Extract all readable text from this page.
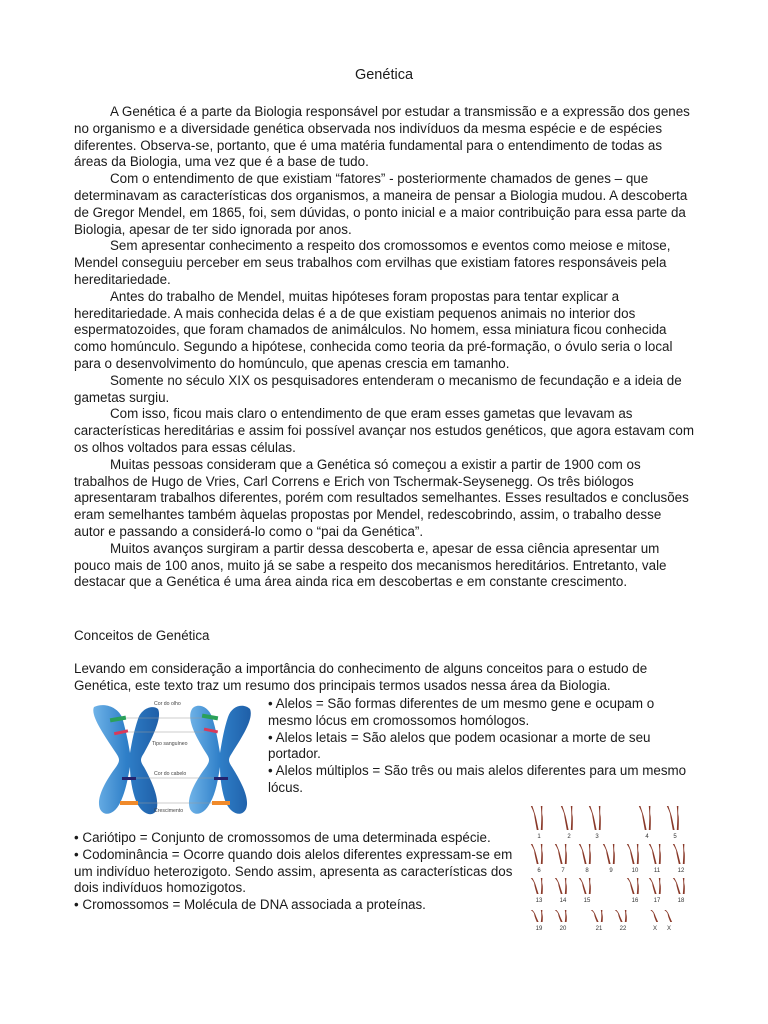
Genética

A Genética é a parte da Biologia responsável por estudar a transmissão e a expressão dos genes no organismo e a diversidade genética observada nos indivíduos da mesma espécie e de espécies diferentes. Observa-se, portanto, que é uma matéria fundamental para o entendimento de todas as áreas da Biologia, uma vez que é a base de tudo.

Com o entendimento de que existiam “fatores” - posteriormente chamados de genes – que determinavam as características dos organismos, a maneira de pensar a Biologia mudou. A descoberta de Gregor Mendel, em 1865, foi, sem dúvidas, o ponto inicial e a maior contribuição para essa parte da Biologia, apesar de ter sido ignorada por anos.

Sem apresentar conhecimento a respeito dos cromossomos e eventos como meiose e mitose, Mendel conseguiu perceber em seus trabalhos com ervilhas que existiam fatores responsáveis pela hereditariedade.

Antes do trabalho de Mendel, muitas hipóteses foram propostas para tentar explicar a hereditariedade. A mais conhecida delas é a de que existiam pequenos animais no interior dos espermatozoides, que foram chamados de animálculos. No homem, essa miniatura ficou conhecida como homúnculo. Segundo a hipótese, conhecida como teoria da pré-formação, o óvulo seria o local para o desenvolvimento do homúnculo, que apenas crescia em tamanho.

Somente no século XIX os pesquisadores entenderam o mecanismo de fecundação e a ideia de gametas surgiu.

Com isso, ficou mais claro o entendimento de que eram esses gametas que levavam as características hereditárias e assim foi possível avançar nos estudos genéticos, que agora estavam com os olhos voltados para essas células.

Muitas pessoas consideram que a Genética só começou a existir a partir de 1900 com os trabalhos de Hugo de Vries, Carl Correns e Erich von Tschermak-Seysenegg. Os três biólogos apresentaram trabalhos diferentes, porém com resultados semelhantes. Esses resultados e conclusões eram semelhantes também àquelas propostas por Mendel, redescobrindo, assim, o trabalho desse autor e passando a considerá-lo como o “pai da Genética”.

Muitos avanços surgiram a partir dessa descoberta e, apesar de essa ciência apresentar um pouco mais de 100 anos, muito já se sabe a respeito dos mecanismos hereditários. Entretanto, vale destacar que a Genética é uma área ainda rica em descobertas e em constante crescimento.

Conceitos de Genética

Levando em consideração a importância do conhecimento de alguns conceitos para o estudo de Genética, este texto traz um resumo dos principais termos usados nessa área da Biologia.

Cor do olho
Tipo sanguíneo
Cor do cabelo
Crescimento

• Alelos = São formas diferentes de um mesmo gene e ocupam o mesmo lócus em cromossomos homólogos.

• Alelos letais = São alelos que podem ocasionar a morte de seu portador.

• Alelos múltiplos = São três ou mais alelos diferentes para um mesmo lócus.

• Cariótipo = Conjunto de cromossomos de uma determinada espécie.

• Codominância = Ocorre quando dois alelos diferentes expressam-se em um indivíduo heterozigoto. Sendo assim, apresenta as características dos dois indivíduos homozigotos.

• Cromossomos = Molécula de DNA associada a proteínas.

1	2	3	4	5
6	7	8	9	10	11	12
13	14	15	16	17	18
19	20	21	22	X X
